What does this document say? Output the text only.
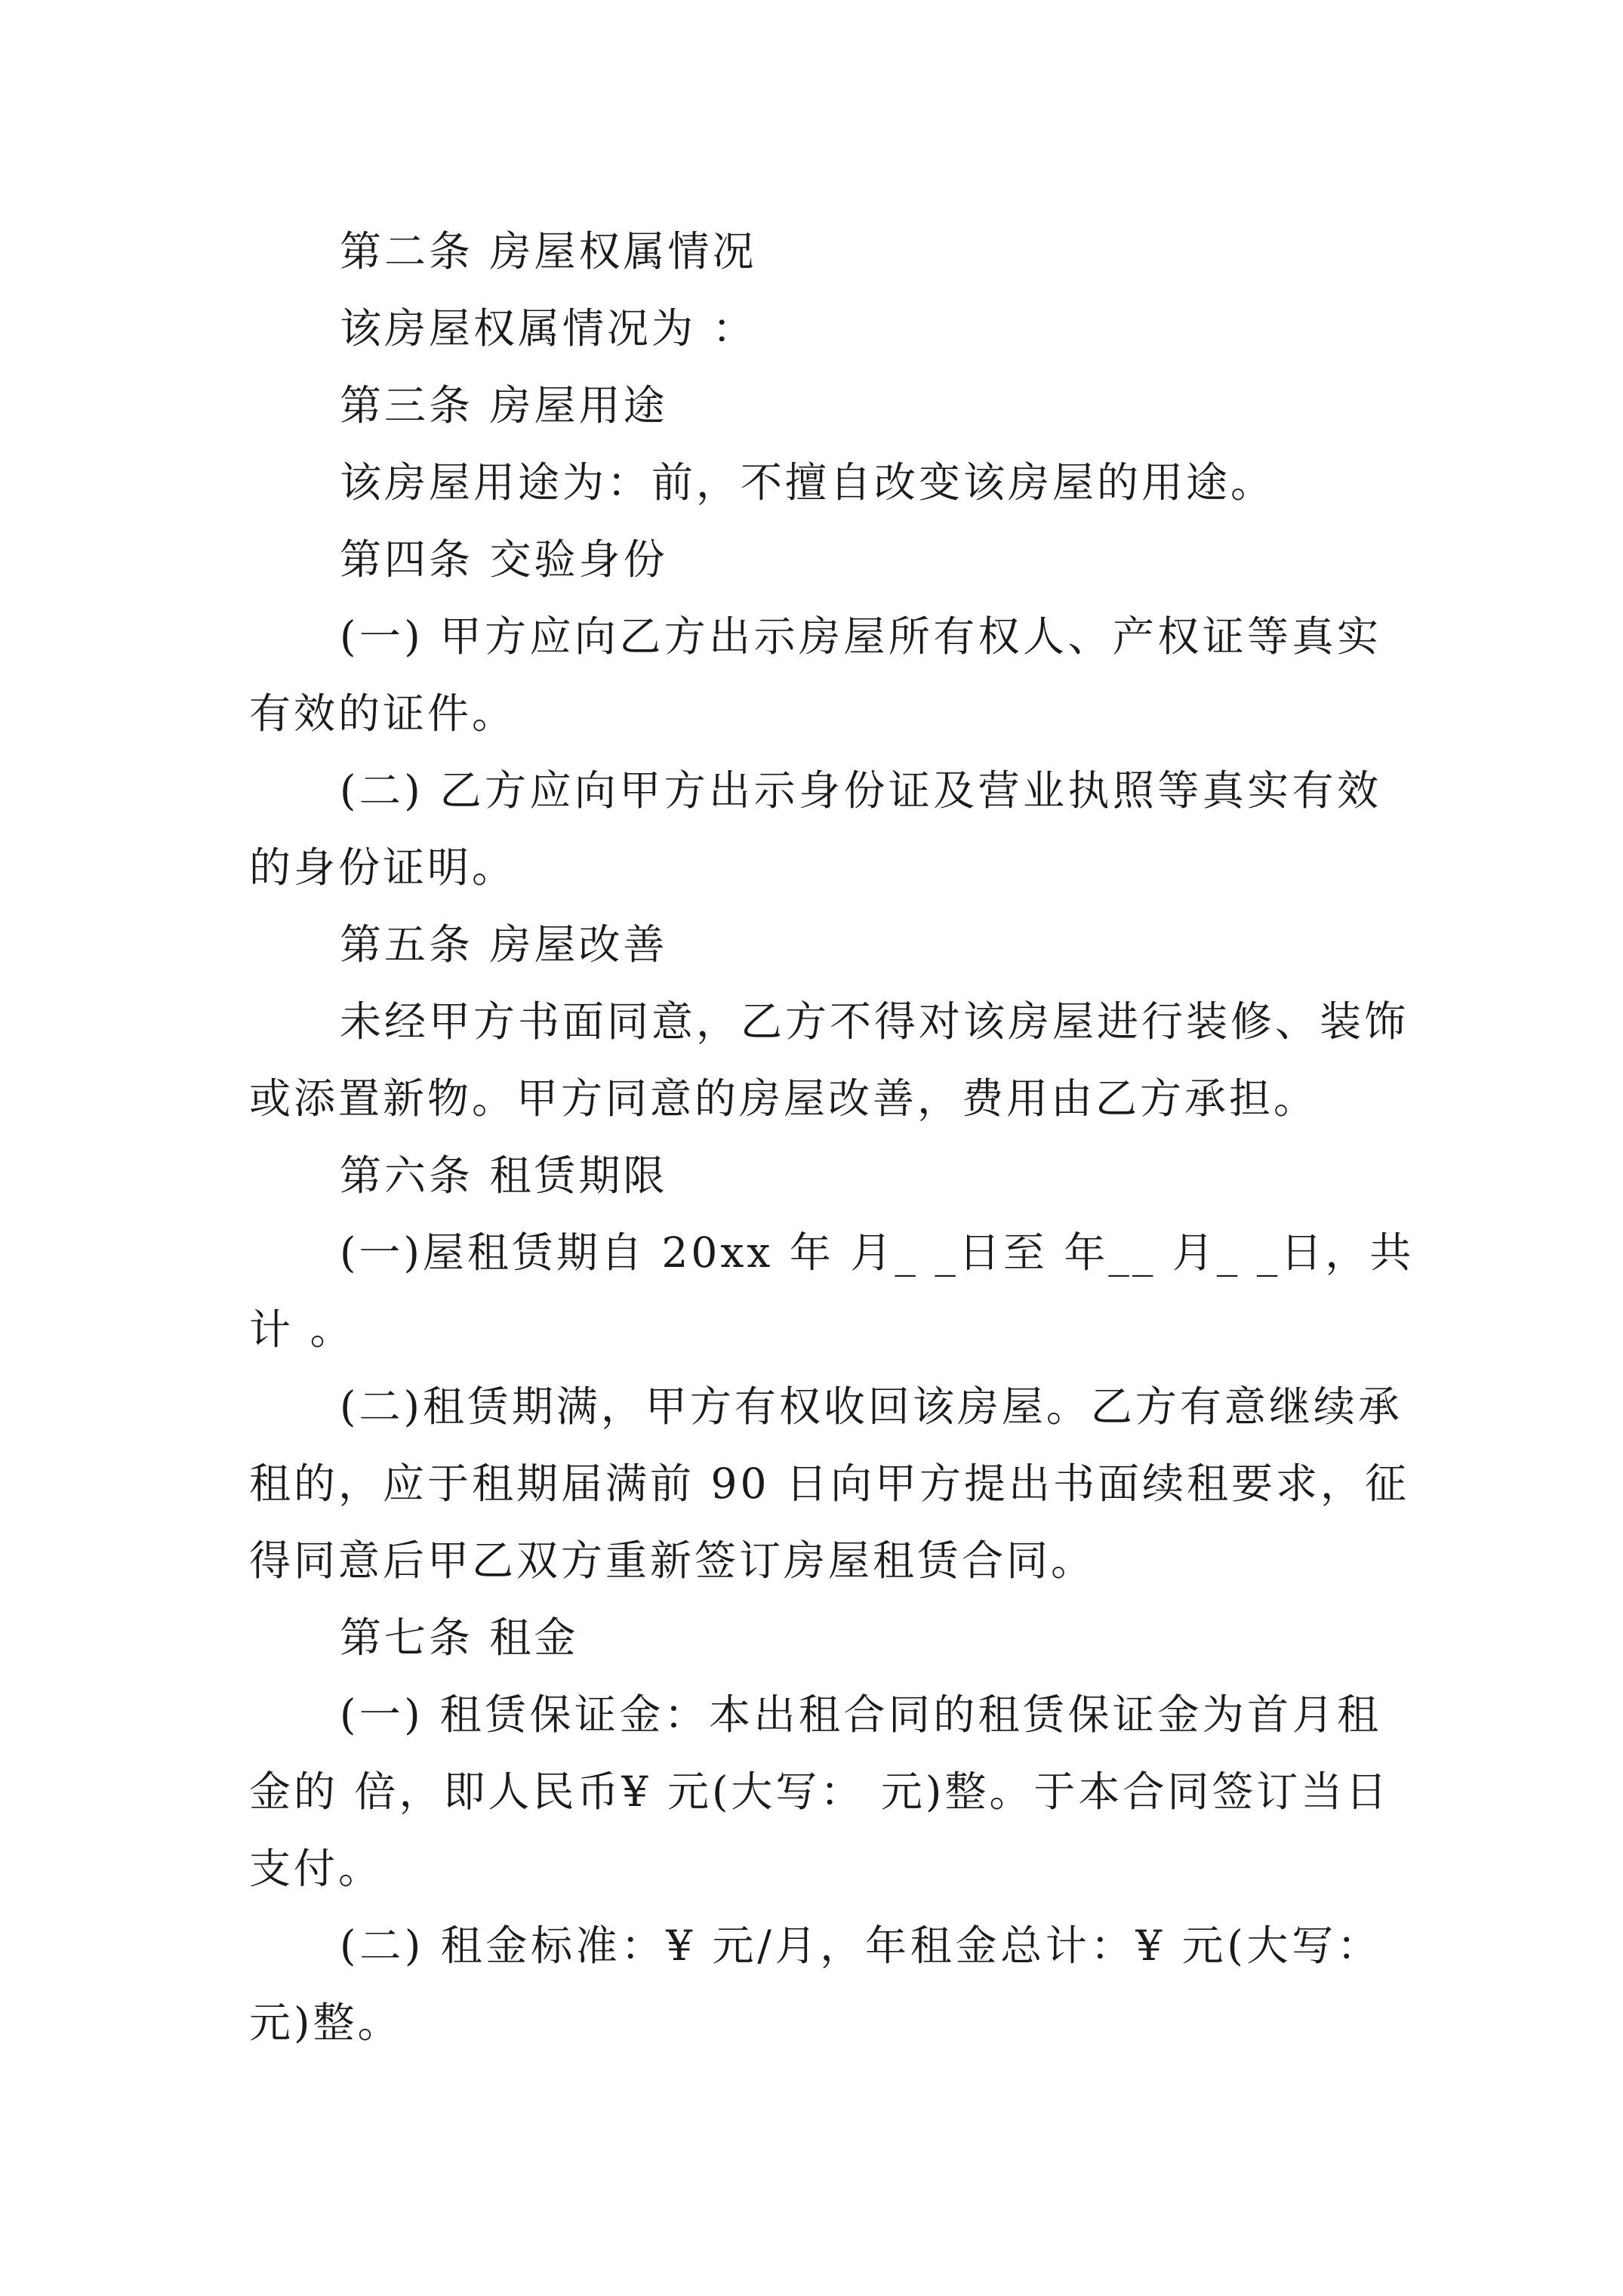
第二条 房屋权属情况
该房屋权属情况为 ：
第三条 房屋用途
该房屋用途为：前，不擅自改变该房屋的用途。
第四条 交验身份
(一) 甲方应向乙方出示房屋所有权人、产权证等真实
有效的证件。
(二) 乙方应向甲方出示身份证及营业执照等真实有效
的身份证明。
第五条 房屋改善
未经甲方书面同意，乙方不得对该房屋进行装修、装饰
或添置新物。甲方同意的房屋改善，费用由乙方承担。
第六条 租赁期限
(一)屋租赁期自 20xx 年 月_ _日至 年__ 月_ _日，共
计 。
(二)租赁期满，甲方有权收回该房屋。乙方有意继续承
租的，应于租期届满前 90 日向甲方提出书面续租要求，征
得同意后甲乙双方重新签订房屋租赁合同。
第七条 租金
(一) 租赁保证金：本出租合同的租赁保证金为首月租
金的 倍，即人民币¥ 元(大写： 元)整。于本合同签订当日
支付。
(二) 租金标准：¥ 元/月，年租金总计：¥ 元(大写：
元)整。
